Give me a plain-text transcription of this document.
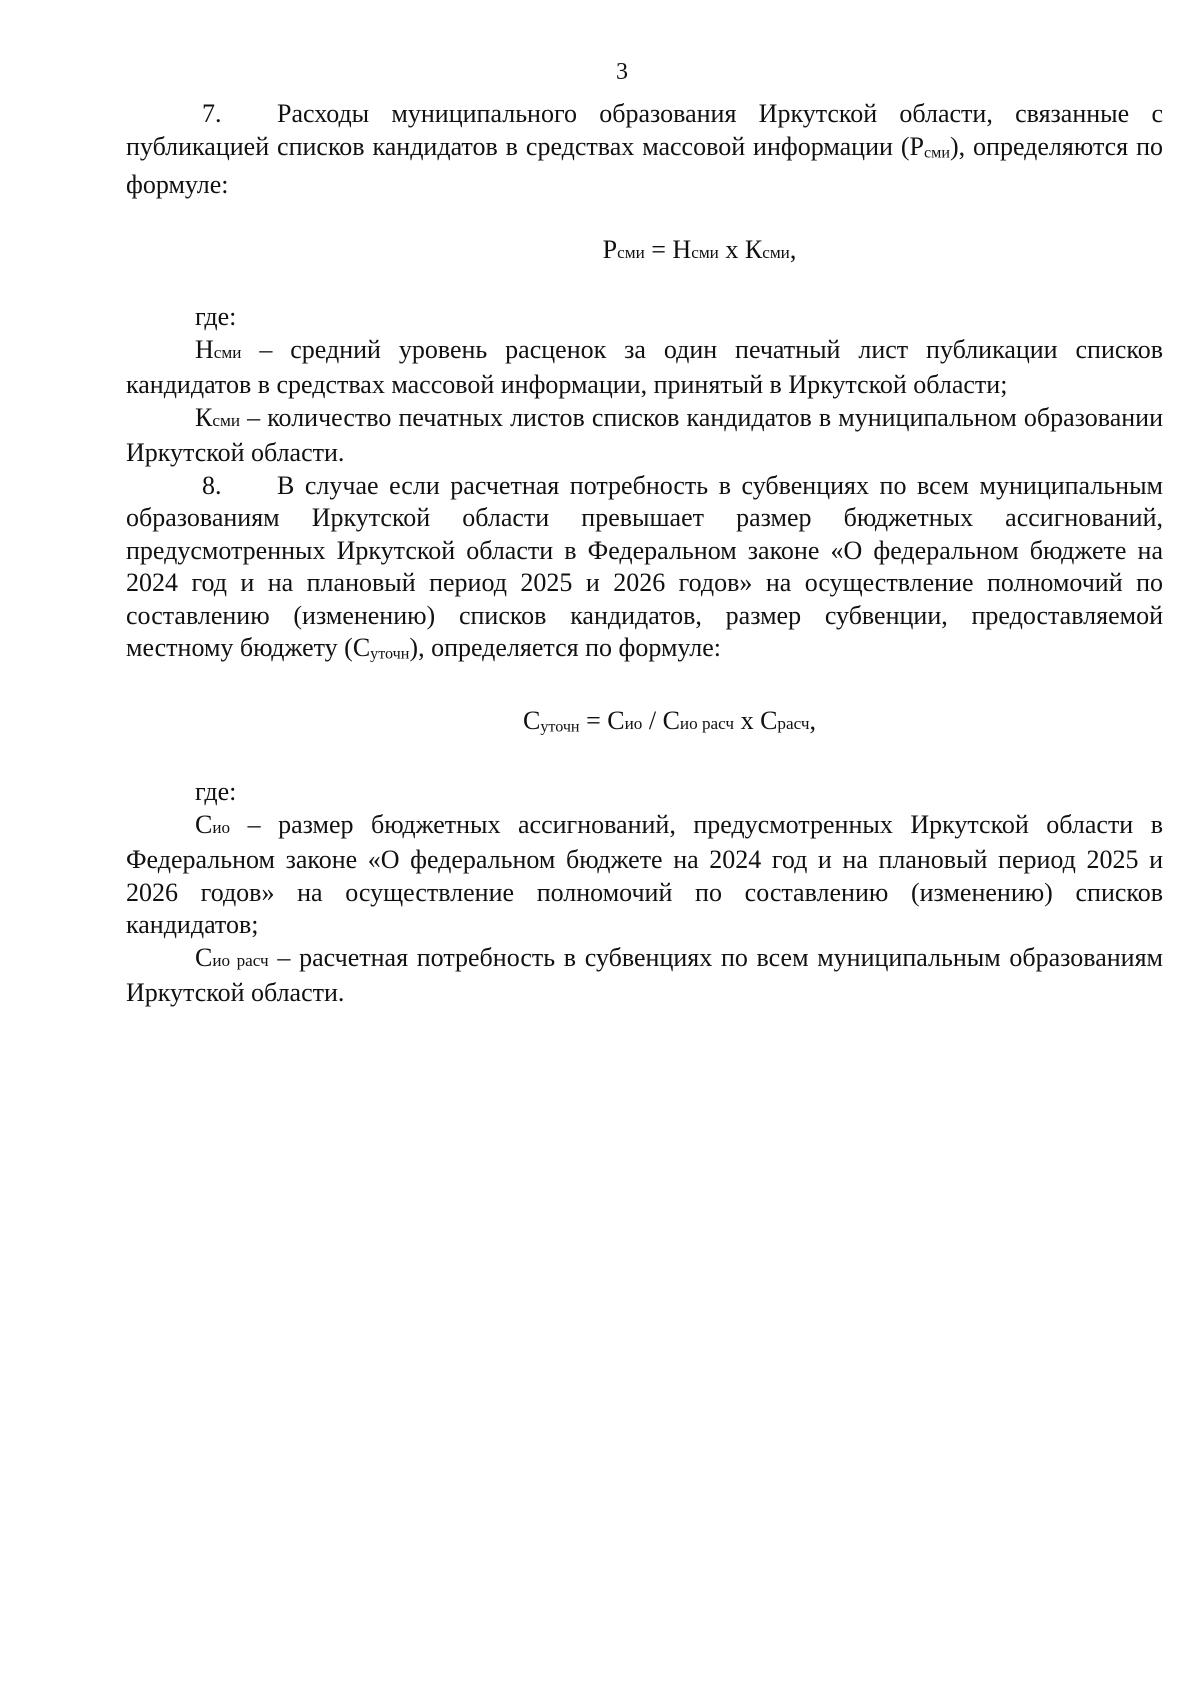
3

7. Расходы муниципального образования Иркутской области, связанные с публикацией списков кандидатов в средствах массовой информации (Рсми), определяются по формуле:

Рсми = Нсми х Ксми,

где:

Нсми – средний уровень расценок за один печатный лист публикации списков кандидатов в средствах массовой информации, принятый в Иркутской области;

Ксми – количество печатных листов списков кандидатов в муниципальном образовании Иркутской области.

8. В случае если расчетная потребность в субвенциях по всем муниципальным образованиям Иркутской области превышает размер бюджетных ассигнований, предусмотренных Иркутской области в Федеральном законе «О федеральном бюджете на 2024 год и на плановый период 2025 и 2026 годов» на осуществление полномочий по составлению (изменению) списков кандидатов, размер субвенции, предоставляемой местному бюджету (Суточн), определяется по формуле:

Суточн = Сио / Сио расч х Срасч,

где:

Сио – размер бюджетных ассигнований, предусмотренных Иркутской области в Федеральном законе «О федеральном бюджете на 2024 год и на плановый период 2025 и 2026 годов» на осуществление полномочий по составлению (изменению) списков кандидатов;

Сио расч – расчетная потребность в субвенциях по всем муниципальным образованиям Иркутской области.
